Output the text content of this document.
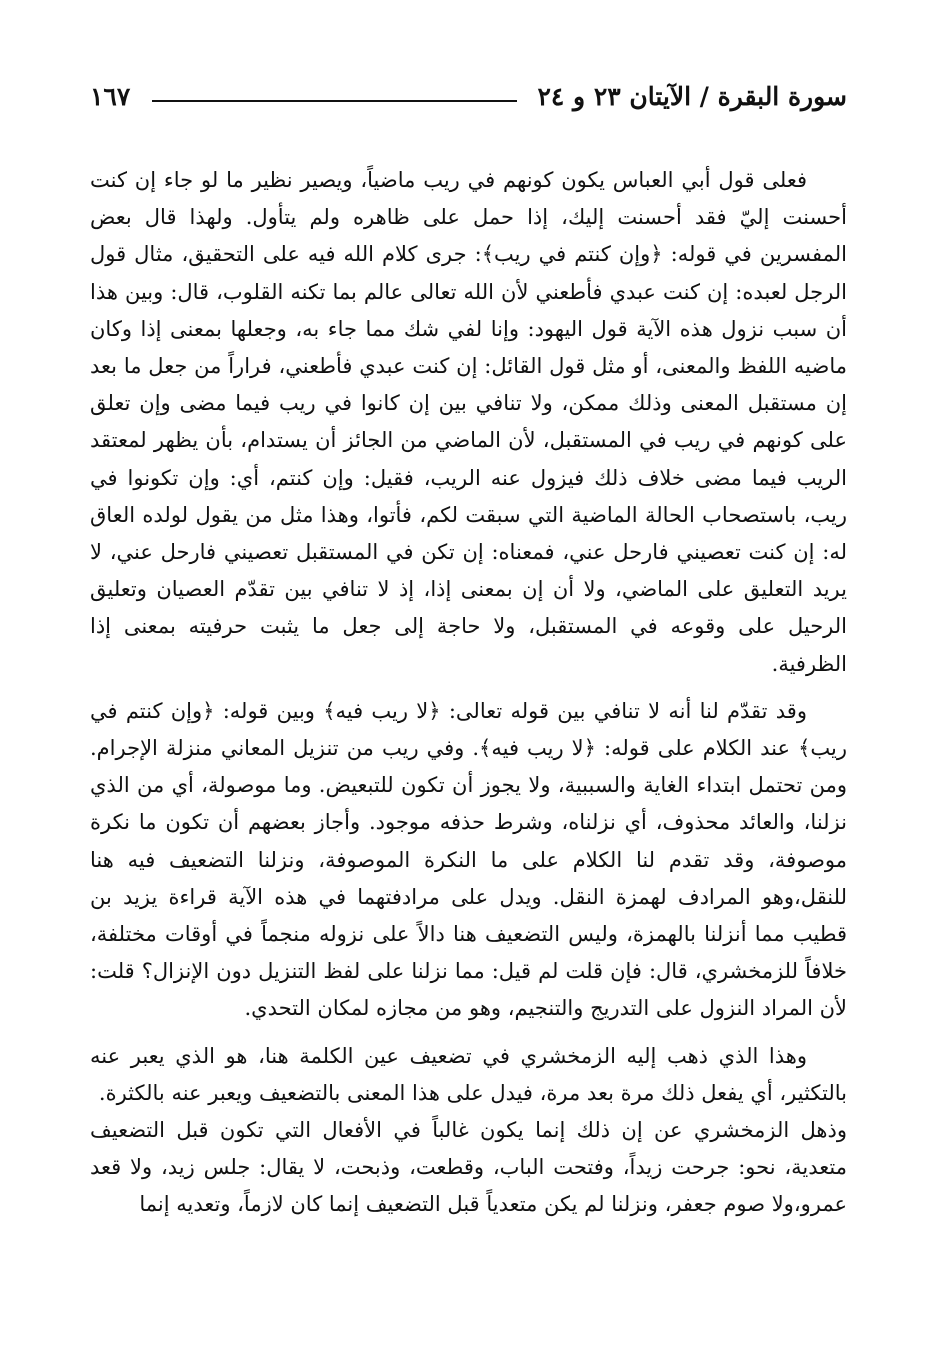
سورة البقرة / الآيتان ٢٣ و ٢٤
١٦٧

فعلى قول أبي العباس يكون كونهم في ريب ماضياً، ويصير نظير ما لو جاء إن كنت أحسنت إليّ فقد أحسنت إليك، إذا حمل على ظاهره ولم يتأول. ولهذا قال بعض المفسرين في قوله: ﴿وإن كنتم في ريب﴾: جرى كلام الله فيه على التحقيق، مثال قول الرجل لعبده: إن كنت عبدي فأطعني لأن الله تعالى عالم بما تكنه القلوب، قال: وبين هذا أن سبب نزول هذه الآية قول اليهود: وإنا لفي شك مما جاء به، وجعلها بمعنى إذا وكان ماضيه اللفظ والمعنى، أو مثل قول القائل: إن كنت عبدي فأطعني، فراراً من جعل ما بعد إن مستقبل المعنى وذلك ممكن، ولا تنافي بين إن كانوا في ريب فيما مضى وإن تعلق على كونهم في ريب في المستقبل، لأن الماضي من الجائز أن يستدام، بأن يظهر لمعتقد الريب فيما مضى خلاف ذلك فيزول عنه الريب، فقيل: وإن كنتم، أي: وإن تكونوا في ريب، باستصحاب الحالة الماضية التي سبقت لكم، فأتوا، وهذا مثل من يقول لولده العاق له: إن كنت تعصيني فارحل عني، فمعناه: إن تكن في المستقبل تعصيني فارحل عني، لا يريد التعليق على الماضي، ولا أن إن بمعنى إذا، إذ لا تنافي بين تقدّم العصيان وتعليق الرحيل على وقوعه في المستقبل، ولا حاجة إلى جعل ما يثبت حرفيته بمعنى إذا الظرفية.

وقد تقدّم لنا أنه لا تنافي بين قوله تعالى: ﴿لا ريب فيه﴾ وبين قوله: ﴿وإن كنتم في ريب﴾ عند الكلام على قوله: ﴿لا ريب فيه﴾. وفي ريب من تنزيل المعاني منزلة الإجرام. ومن تحتمل ابتداء الغاية والسببية، ولا يجوز أن تكون للتبعيض. وما موصولة، أي من الذي نزلنا، والعائد محذوف، أي نزلناه، وشرط حذفه موجود. وأجاز بعضهم أن تكون ما نكرة موصوفة، وقد تقدم لنا الكلام على ما النكرة الموصوفة، ونزلنا التضعيف فيه هنا للنقل،وهو المرادف لهمزة النقل. ويدل على مرادفتهما في هذه الآية قراءة يزيد بن قطيب مما أنزلنا بالهمزة، وليس التضعيف هنا دالاً على نزوله منجماً في أوقات مختلفة، خلافاً للزمخشري، قال: فإن قلت لم قيل: مما نزلنا على لفظ التنزيل دون الإنزال؟ قلت: لأن المراد النزول على التدريج والتنجيم، وهو من مجازه لمكان التحدي.

وهذا الذي ذهب إليه الزمخشري في تضعيف عين الكلمة هنا، هو الذي يعبر عنه بالتكثير، أي يفعل ذلك مرة بعد مرة، فيدل على هذا المعنى بالتضعيف ويعبر عنه بالكثرة.

وذهل الزمخشري عن إن ذلك إنما يكون غالباً في الأفعال التي تكون قبل التضعيف متعدية، نحو: جرحت زيداً، وفتحت الباب، وقطعت، وذبحت، لا يقال: جلس زيد، ولا قعد عمرو،ولا صوم جعفر، ونزلنا لم يكن متعدياً قبل التضعيف إنما كان لازماً، وتعديه إنما
